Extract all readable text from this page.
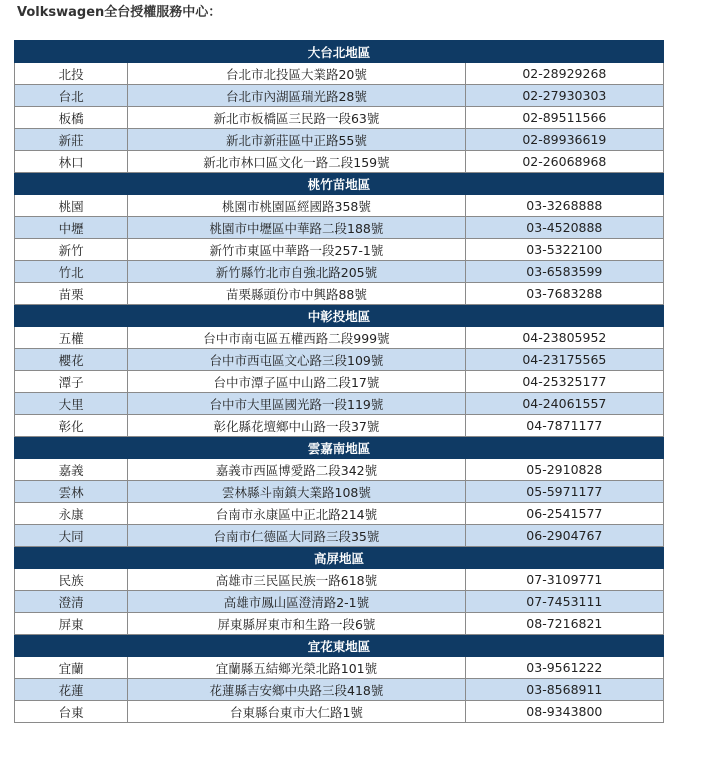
Volkswagen全台授權服務中心：
大台北地區		
北投	台北市北投區大業路20號	02-28929268
台北	台北市內湖區瑞光路28號	02-27930303
板橋	新北市板橋區三民路一段63號	02-89511566
新莊	新北市新莊區中正路55號	02-89936619
林口	新北市林口區文化一路二段159號	02-26068968
桃竹苗地區		
桃園	桃園市桃園區經國路358號	03-3268888
中壢	桃園市中壢區中華路二段188號	03-4520888
新竹	新竹市東區中華路一段257-1號	03-5322100
竹北	新竹縣竹北市自強北路205號	03-6583599
苗栗	苗栗縣頭份市中興路88號	03-7683288
中彰投地區		
五權	台中市南屯區五權西路二段999號	04-23805952
櫻花	台中市西屯區文心路三段109號	04-23175565
潭子	台中市潭子區中山路二段17號	04-25325177
大里	台中市大里區國光路一段119號	04-24061557
彰化	彰化縣花壇鄉中山路一段37號	04-7871177
雲嘉南地區		
嘉義	嘉義市西區博愛路二段342號	05-2910828
雲林	雲林縣斗南鎮大業路108號	05-5971177
永康	台南市永康區中正北路214號	06-2541577
大同	台南市仁德區大同路三段35號	06-2904767
高屏地區		
民族	高雄市三民區民族一路618號	07-3109771
澄清	高雄市鳳山區澄清路2-1號	07-7453111
屏東	屏東縣屏東市和生路一段6號	08-7216821
宜花東地區		
宜蘭	宜蘭縣五結鄉光榮北路101號	03-9561222
花蓮	花蓮縣吉安鄉中央路三段418號	03-8568911
台東	台東縣台東市大仁路1號	08-9343800
